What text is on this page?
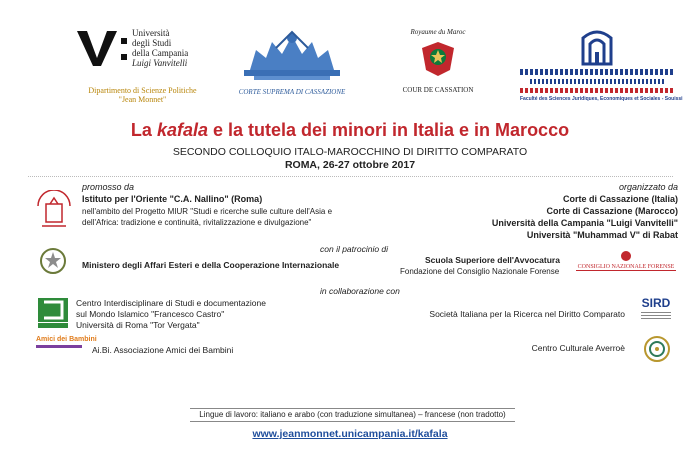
Università
degli Studi
della Campania
Luigi Vanvitelli
Dipartimento di Scienze Politiche
"Jean Monnet"
CORTE SUPREMA DI CASSAZIONE
Royaume du Maroc
COUR DE CASSATION
Faculté des Sciences Juridiques, Economiques et Sociales - Souissi
La kafala e la tutela dei minori in Italia e in Marocco
SECONDO COLLOQUIO ITALO-MAROCCHINO DI DIRITTO COMPARATO
ROMA, 26-27 ottobre 2017
promosso da
Istituto per l'Oriente "C.A. Nallino" (Roma)
nell'ambito del Progetto MIUR "Studi e ricerche sulle culture dell'Asia e
dell'Africa: tradizione e continuità, rivitalizzazione e divulgazione"
organizzato da
Corte di Cassazione (Italia)
Corte di Cassazione (Marocco)
Università della Campania "Luigi Vanvitelli"
Università "Muhammad V" di Rabat
con il patrocinio di
Ministero degli Affari Esteri e della Cooperazione Internazionale	Scuola Superiore dell'Avvocatura
Fondazione del Consiglio Nazionale Forense	CONSIGLIO NAZIONALE FORENSE
in collaborazione con
Centro Interdisciplinare di Studi e documentazione
sul Mondo Islamico "Francesco Castro"
Università di Roma "Tor Vergata"
Amici dei Bambini
Ai.Bi. Associazione Amici dei Bambini
Società Italiana per la Ricerca nel Diritto Comparato
SIRD
Centro Culturale Averroè
Lingue di lavoro: italiano e arabo (con traduzione simultanea) – francese (non tradotto)
www.jeanmonnet.unicampania.it/kafala
